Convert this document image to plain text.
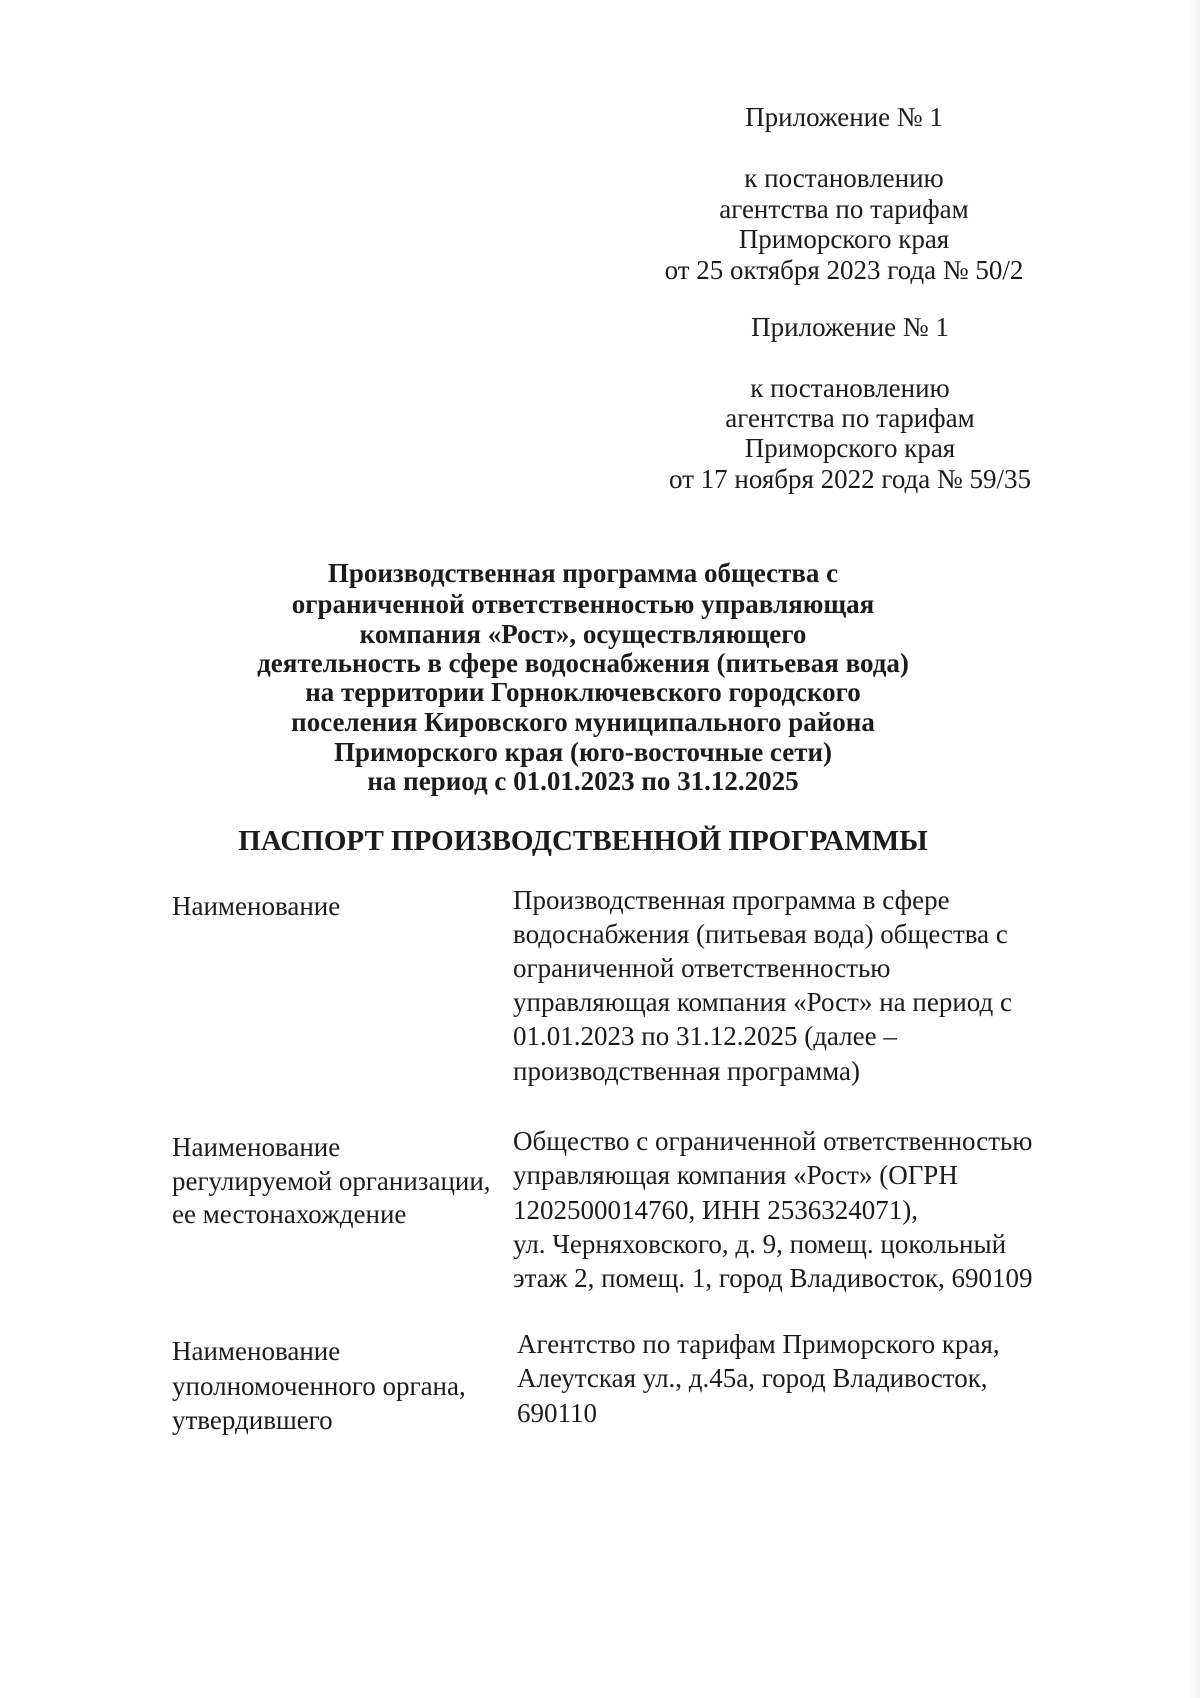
Приложение № 1
к постановлению
агентства по тарифам
Приморского края
от 25 октября 2023 года № 50/2
Приложение № 1
к постановлению
агентства по тарифам
Приморского края
от 17 ноября 2022 года № 59/35
Производственная программа общества с
ограниченной ответственностью управляющая
компания «Рост», осуществляющего
деятельность в сфере водоснабжения (питьевая вода)
на территории Горноключевского городского
поселения Кировского муниципального района
Приморского края (юго-восточные сети)
на период с 01.01.2023 по 31.12.2025
ПАСПОРТ ПРОИЗВОДСТВЕННОЙ ПРОГРАММЫ
Наименование	Производственная программа в сфере
водоснабжения (питьевая вода) общества с
ограниченной ответственностью
управляющая компания «Рост» на период с
01.01.2023 по 31.12.2025 (далее –
производственная программа)
Наименование
регулируемой организации,
ее местонахождение
Общество с ограниченной ответственностью
управляющая компания «Рост» (ОГРН
1202500014760, ИНН 2536324071),
ул. Черняховского, д. 9, помещ. цокольный
этаж 2, помещ. 1, город Владивосток, 690109
Наименование
уполномоченного органа,
утвердившего
Агентство по тарифам Приморского края,
Алеутская ул., д.45а, город Владивосток,
690110
